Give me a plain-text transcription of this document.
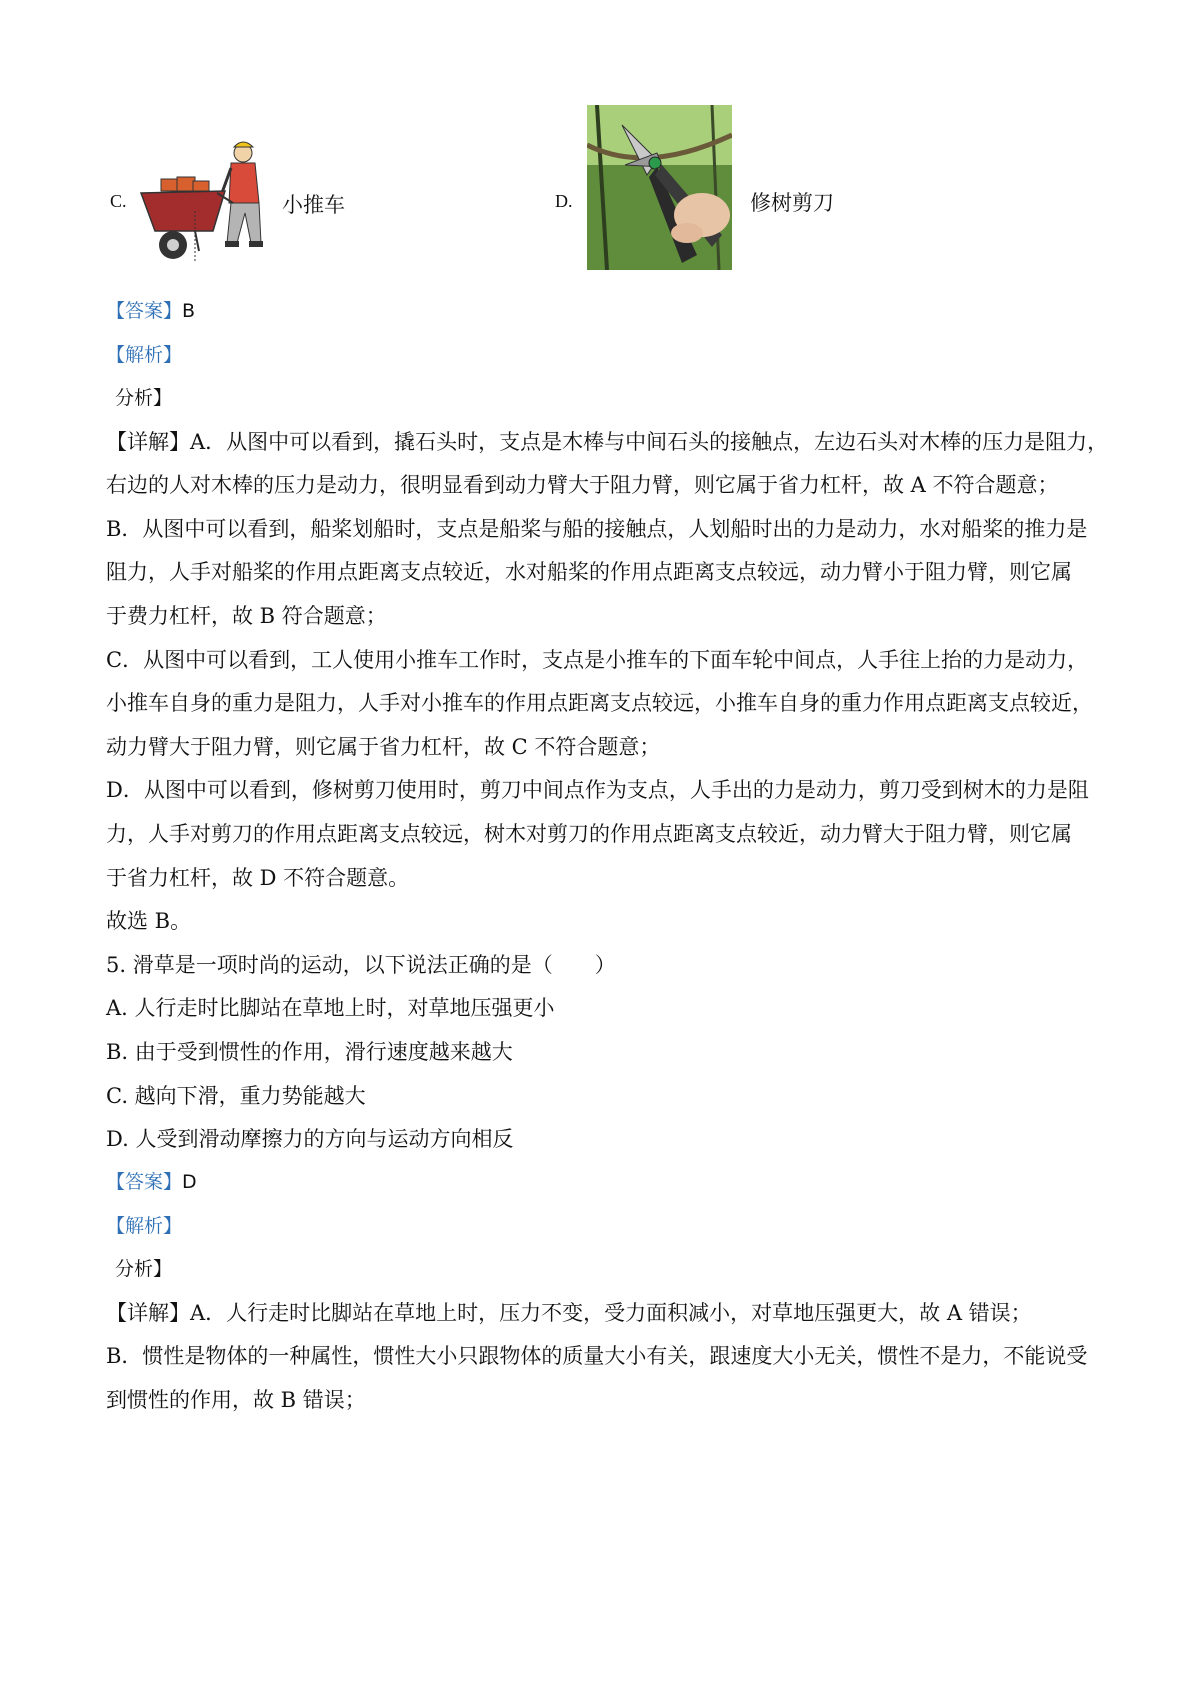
C.	小推车	D.	修树剪刀
【答案】B
【解析】
分析】
【详解】A．从图中可以看到，撬石头时，支点是木棒与中间石头的接触点，左边石头对木棒的压力是阻力，
右边的人对木棒的压力是动力，很明显看到动力臂大于阻力臂，则它属于省力杠杆，故 A 不符合题意；
B．从图中可以看到，船桨划船时，支点是船桨与船的接触点，人划船时出的力是动力，水对船桨的推力是
阻力，人手对船桨的作用点距离支点较近，水对船桨的作用点距离支点较远，动力臂小于阻力臂，则它属
于费力杠杆，故 B 符合题意；
C．从图中可以看到，工人使用小推车工作时，支点是小推车的下面车轮中间点，人手往上抬的力是动力，
小推车自身的重力是阻力，人手对小推车的作用点距离支点较远，小推车自身的重力作用点距离支点较近，
动力臂大于阻力臂，则它属于省力杠杆，故 C 不符合题意；
D．从图中可以看到，修树剪刀使用时，剪刀中间点作为支点，人手出的力是动力，剪刀受到树木的力是阻
力，人手对剪刀的作用点距离支点较远，树木对剪刀的作用点距离支点较近，动力臂大于阻力臂，则它属
于省力杠杆，故 D 不符合题意。
故选 B。
5. 滑草是一项时尚的运动，以下说法正确的是（　　）
A. 人行走时比脚站在草地上时，对草地压强更小
B. 由于受到惯性的作用，滑行速度越来越大
C. 越向下滑，重力势能越大
D. 人受到滑动摩擦力的方向与运动方向相反
【答案】D
【解析】
分析】
【详解】A．人行走时比脚站在草地上时，压力不变，受力面积减小，对草地压强更大，故 A 错误；
B．惯性是物体的一种属性，惯性大小只跟物体的质量大小有关，跟速度大小无关，惯性不是力，不能说受
到惯性的作用，故 B 错误；
